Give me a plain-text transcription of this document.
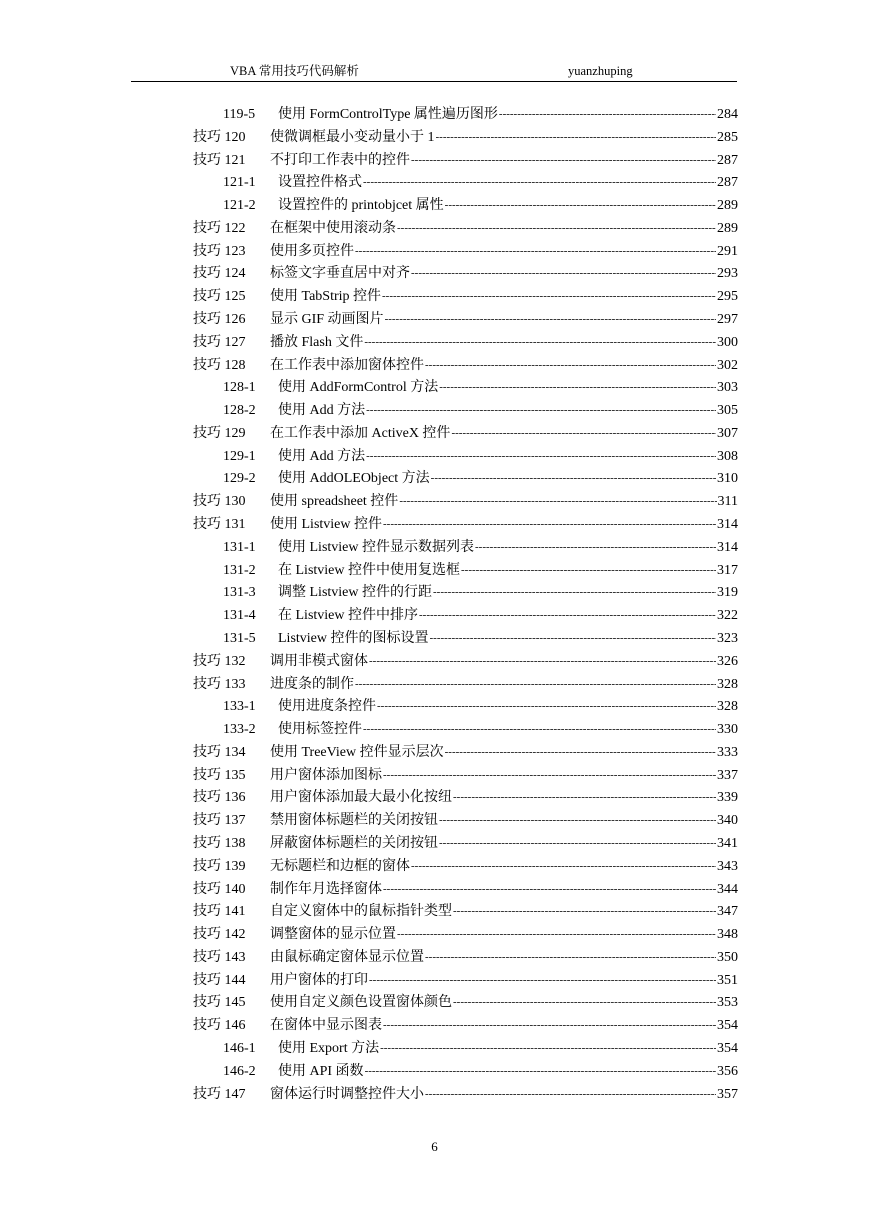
VBA 常用技巧代码解析	yuanzhuping
119-5 使用 FormControlType 属性遍历图形 -----	284
技巧 120 使微调框最小变动量小于 1 -----	285
技巧 121 不打印工作表中的控件 -----	287
121-1 设置控件格式 -----	287
121-2 设置控件的 printobjcet 属性 -----	289
技巧 122 在框架中使用滚动条 -----	289
技巧 123 使用多页控件 -----	291
技巧 124 标签文字垂直居中对齐 -----	293
技巧 125 使用 TabStrip 控件 -----	295
技巧 126 显示 GIF 动画图片 -----	297
技巧 127 播放 Flash 文件 -----	300
技巧 128 在工作表中添加窗体控件 -----	302
128-1 使用 AddFormControl 方法 -----	303
128-2 使用 Add 方法 -----	305
技巧 129 在工作表中添加 ActiveX 控件 -----	307
129-1 使用 Add 方法 -----	308
129-2 使用 AddOLEObject 方法 -----	310
技巧 130 使用 spreadsheet 控件 -----	311
技巧 131 使用 Listview 控件 -----	314
131-1 使用 Listview 控件显示数据列表 -----	314
131-2 在 Listview 控件中使用复选框 -----	317
131-3 调整 Listview 控件的行距 -----	319
131-4 在 Listview 控件中排序 -----	322
131-5 Listview 控件的图标设置 -----	323
技巧 132 调用非模式窗体 -----	326
技巧 133 进度条的制作 -----	328
133-1 使用进度条控件 -----	328
133-2 使用标签控件 -----	330
技巧 134 使用 TreeView 控件显示层次 -----	333
技巧 135 用户窗体添加图标 -----	337
技巧 136 用户窗体添加最大最小化按纽 -----	339
技巧 137 禁用窗体标题栏的关闭按钮 -----	340
技巧 138 屏蔽窗体标题栏的关闭按钮 -----	341
技巧 139 无标题栏和边框的窗体 -----	343
技巧 140 制作年月选择窗体 -----	344
技巧 141 自定义窗体中的鼠标指针类型 -----	347
技巧 142 调整窗体的显示位置 -----	348
技巧 143 由鼠标确定窗体显示位置 -----	350
技巧 144 用户窗体的打印 -----	351
技巧 145 使用自定义颜色设置窗体颜色 -----	353
技巧 146 在窗体中显示图表 -----	354
146-1 使用 Export 方法 -----	354
146-2 使用 API 函数 -----	356
技巧 147 窗体运行时调整控件大小 -----	357
6
